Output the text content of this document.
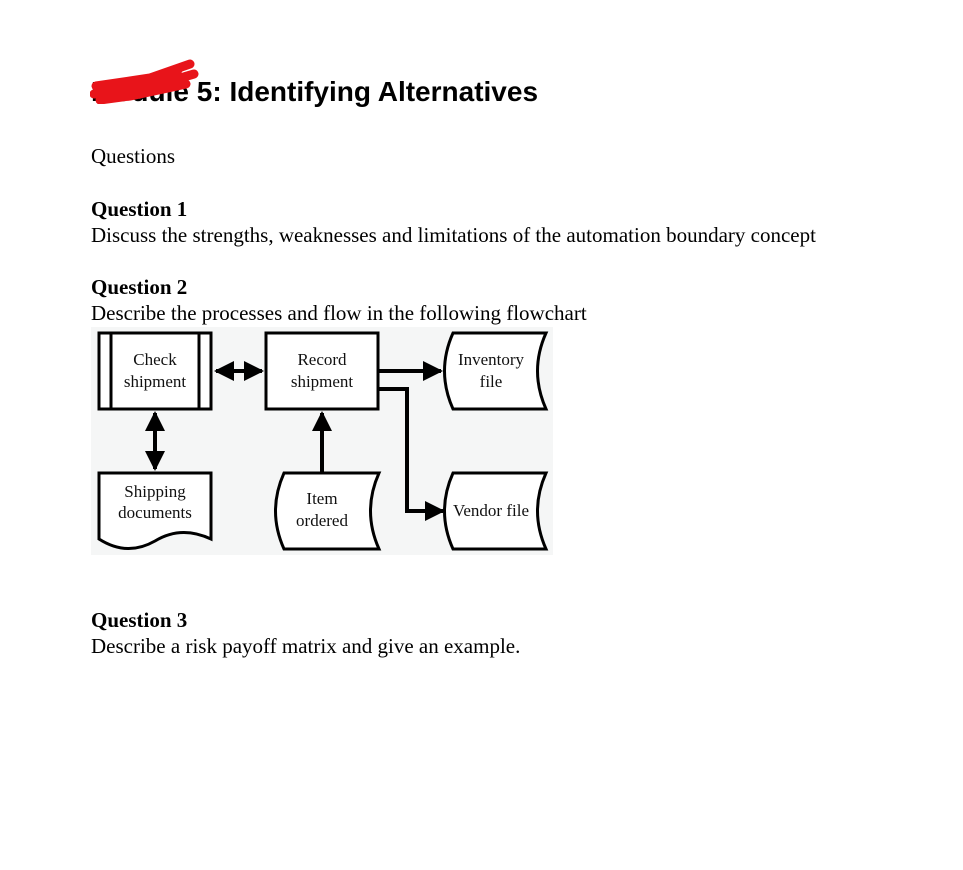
Module 5: Identifying Alternatives

Questions

Question 1

Discuss the strengths, weaknesses and limitations of the automation boundary concept

Question 2

Describe the processes and flow in the following flowchart

Check
shipment
Record
shipment
Inventory
file
Shipping
documents
Item
ordered
Vendor file

Question 3

Describe a risk payoff matrix and give an example.
